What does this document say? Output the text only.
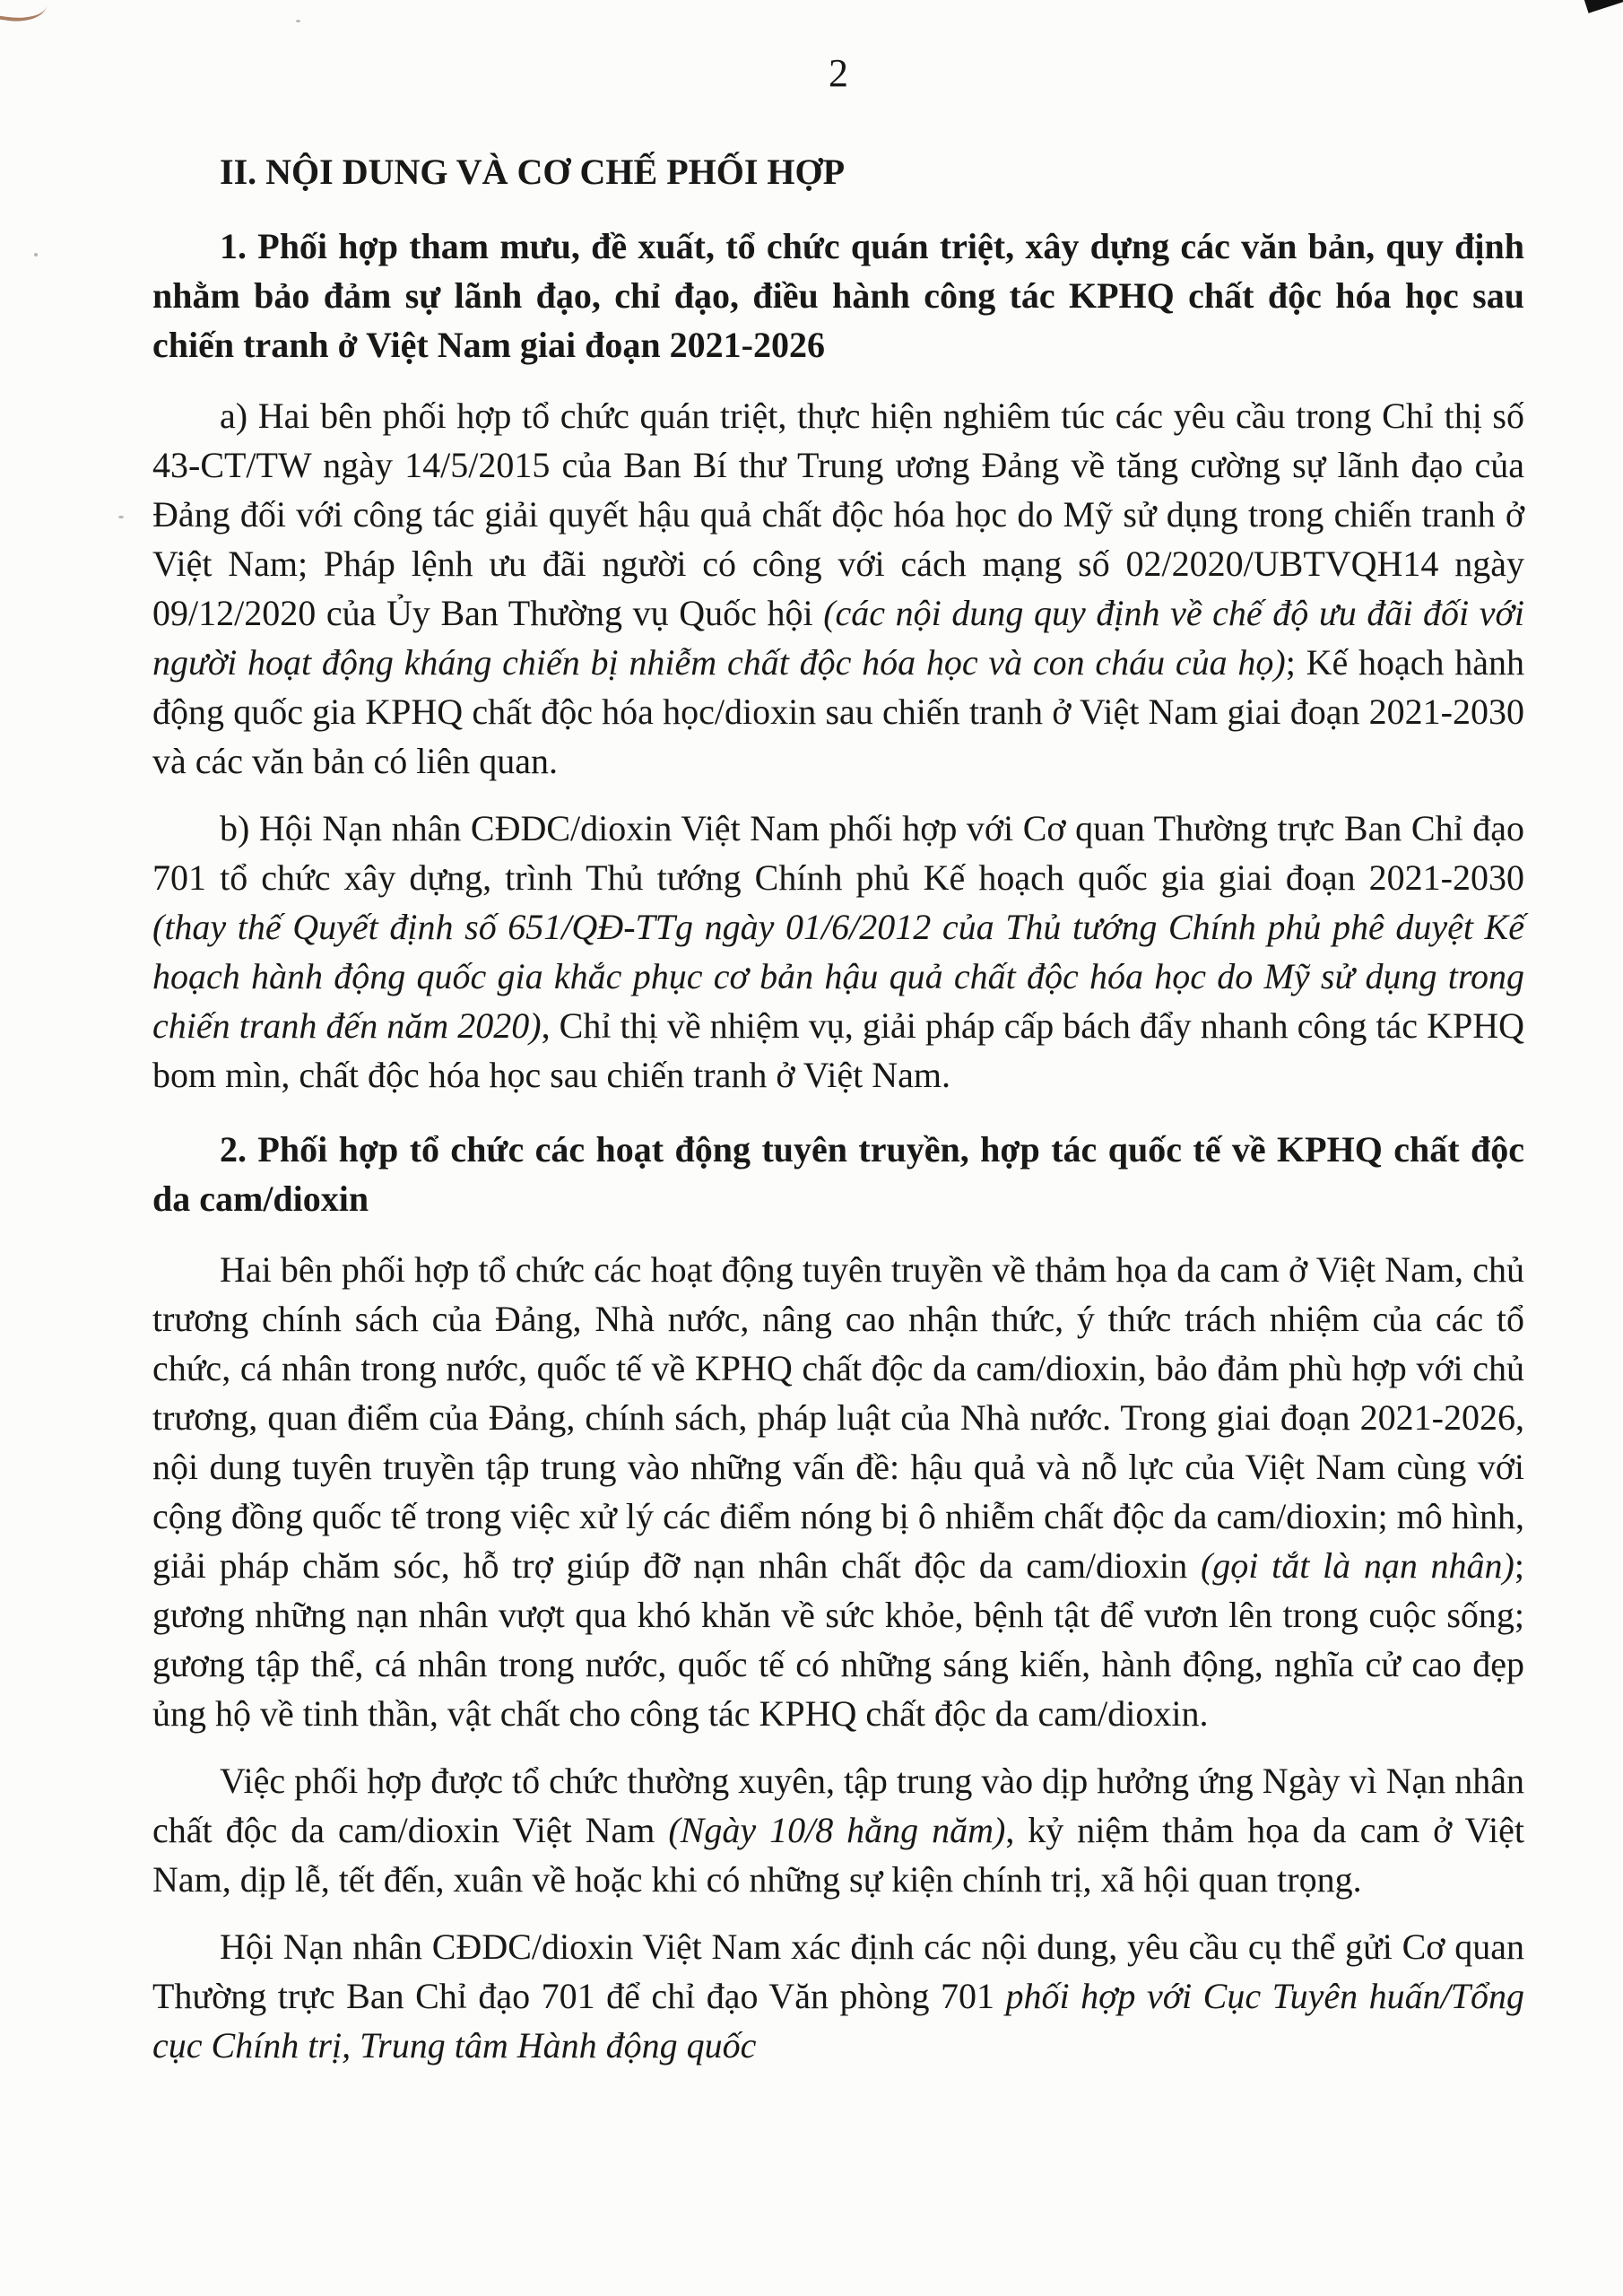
2
II. NỘI DUNG VÀ CƠ CHẾ PHỐI HỢP
1. Phối hợp tham mưu, đề xuất, tổ chức quán triệt, xây dựng các văn bản, quy định nhằm bảo đảm sự lãnh đạo, chỉ đạo, điều hành công tác KPHQ chất độc hóa học sau chiến tranh ở Việt Nam giai đoạn 2021-2026

a) Hai bên phối hợp tổ chức quán triệt, thực hiện nghiêm túc các yêu cầu trong Chỉ thị số 43-CT/TW ngày 14/5/2015 của Ban Bí thư Trung ương Đảng về tăng cường sự lãnh đạo của Đảng đối với công tác giải quyết hậu quả chất độc hóa học do Mỹ sử dụng trong chiến tranh ở Việt Nam; Pháp lệnh ưu đãi người có công với cách mạng số 02/2020/UBTVQH14 ngày 09/12/2020 của Ủy Ban Thường vụ Quốc hội (các nội dung quy định về chế độ ưu đãi đối với người hoạt động kháng chiến bị nhiễm chất độc hóa học và con cháu của họ); Kế hoạch hành động quốc gia KPHQ chất độc hóa học/dioxin sau chiến tranh ở Việt Nam giai đoạn 2021-2030 và các văn bản có liên quan.

b) Hội Nạn nhân CĐDC/dioxin Việt Nam phối hợp với Cơ quan Thường trực Ban Chỉ đạo 701 tổ chức xây dựng, trình Thủ tướng Chính phủ Kế hoạch quốc gia giai đoạn 2021-2030 (thay thế Quyết định số 651/QĐ-TTg ngày 01/6/2012 của Thủ tướng Chính phủ phê duyệt Kế hoạch hành động quốc gia khắc phục cơ bản hậu quả chất độc hóa học do Mỹ sử dụng trong chiến tranh đến năm 2020), Chỉ thị về nhiệm vụ, giải pháp cấp bách đẩy nhanh công tác KPHQ bom mìn, chất độc hóa học sau chiến tranh ở Việt Nam.

2. Phối hợp tổ chức các hoạt động tuyên truyền, hợp tác quốc tế về KPHQ chất độc da cam/dioxin

Hai bên phối hợp tổ chức các hoạt động tuyên truyền về thảm họa da cam ở Việt Nam, chủ trương chính sách của Đảng, Nhà nước, nâng cao nhận thức, ý thức trách nhiệm của các tổ chức, cá nhân trong nước, quốc tế về KPHQ chất độc da cam/dioxin, bảo đảm phù hợp với chủ trương, quan điểm của Đảng, chính sách, pháp luật của Nhà nước. Trong giai đoạn 2021-2026, nội dung tuyên truyền tập trung vào những vấn đề: hậu quả và nỗ lực của Việt Nam cùng với cộng đồng quốc tế trong việc xử lý các điểm nóng bị ô nhiễm chất độc da cam/dioxin; mô hình, giải pháp chăm sóc, hỗ trợ giúp đỡ nạn nhân chất độc da cam/dioxin (gọi tắt là nạn nhân); gương những nạn nhân vượt qua khó khăn về sức khỏe, bệnh tật để vươn lên trong cuộc sống; gương tập thể, cá nhân trong nước, quốc tế có những sáng kiến, hành động, nghĩa cử cao đẹp ủng hộ về tinh thần, vật chất cho công tác KPHQ chất độc da cam/dioxin.

Việc phối hợp được tổ chức thường xuyên, tập trung vào dịp hưởng ứng Ngày vì Nạn nhân chất độc da cam/dioxin Việt Nam (Ngày 10/8 hằng năm), kỷ niệm thảm họa da cam ở Việt Nam, dịp lễ, tết đến, xuân về hoặc khi có những sự kiện chính trị, xã hội quan trọng.

Hội Nạn nhân CĐDC/dioxin Việt Nam xác định các nội dung, yêu cầu cụ thể gửi Cơ quan Thường trực Ban Chỉ đạo 701 để chỉ đạo Văn phòng 701 phối hợp với Cục Tuyên huấn/Tổng cục Chính trị, Trung tâm Hành động quốc
